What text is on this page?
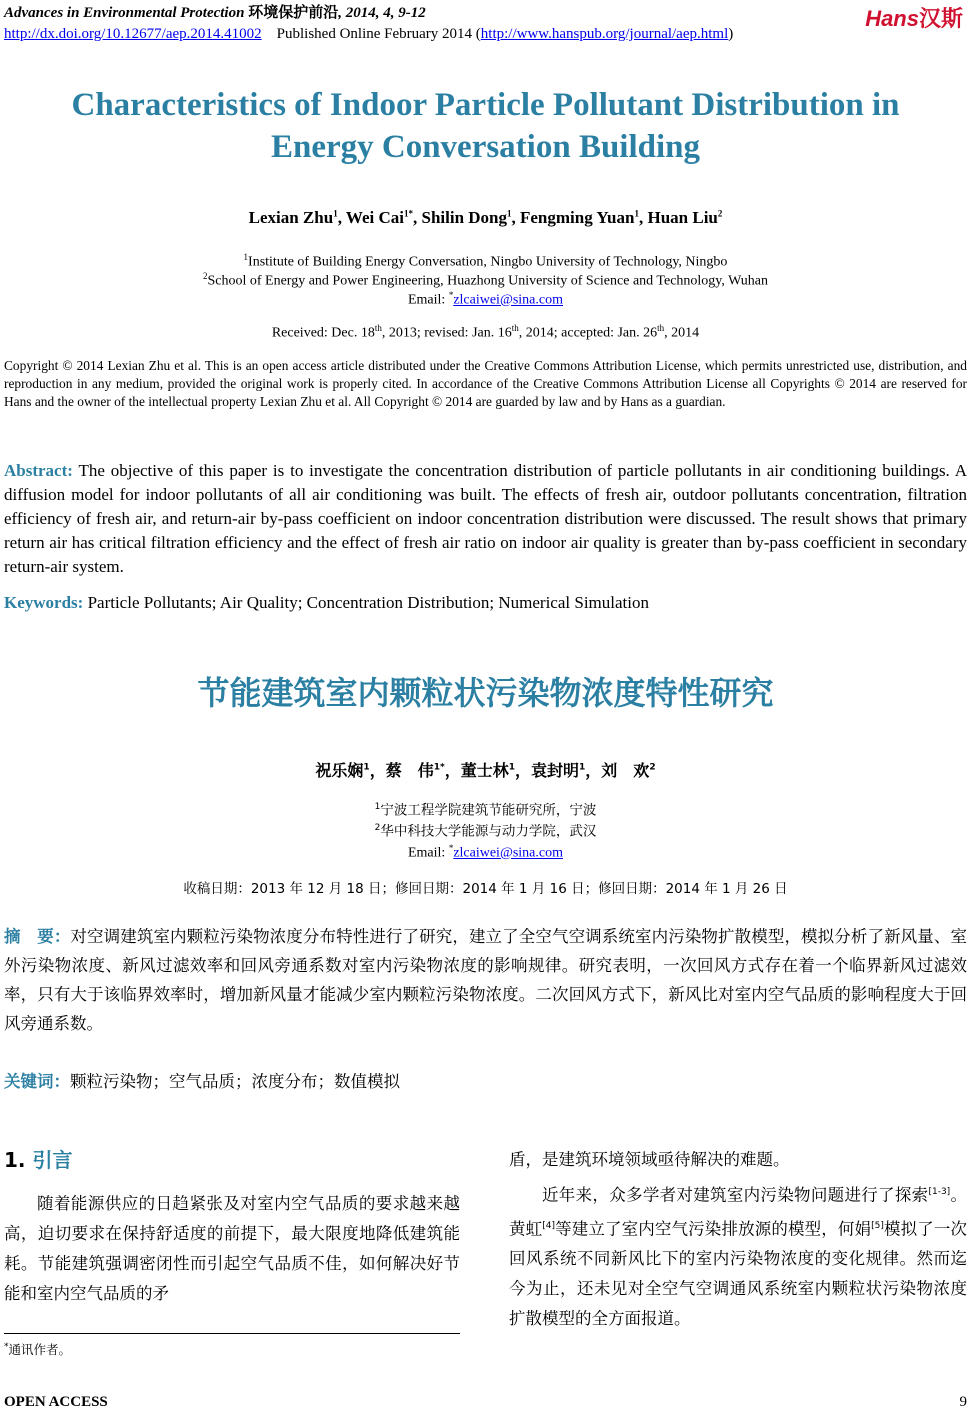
Advances in Environmental Protection 环境保护前沿, 2014, 4, 9-12
http://dx.doi.org/10.12677/aep.2014.41002 Published Online February 2014 (http://www.hanspub.org/journal/aep.html)
Hans汉斯
Characteristics of Indoor Particle Pollutant Distribution in Energy Conversation Building
Lexian Zhu$^1$, Wei Cai$^{1*}$, Shilin Dong$^1$, Fengming Yuan$^1$, Huan Liu$^2$
$^1$Institute of Building Energy Conversation, Ningbo University of Technology, Ningbo
$^2$School of Energy and Power Engineering, Huazhong University of Science and Technology, Wuhan
Email: *zlcaiwei@sina.com
Received: Dec. 18th, 2013; revised: Jan. 16th, 2014; accepted: Jan. 26th, 2014
Copyright © 2014 Lexian Zhu et al. This is an open access article distributed under the Creative Commons Attribution License, which permits unrestricted use, distribution, and reproduction in any medium, provided the original work is properly cited. In accordance of the Creative Commons Attribution License all Copyrights © 2014 are reserved for Hans and the owner of the intellectual property Lexian Zhu et al. All Copyright © 2014 are guarded by law and by Hans as a guardian.
Abstract: The objective of this paper is to investigate the concentration distribution of particle pollutants in air conditioning buildings. A diffusion model for indoor pollutants of all air conditioning was built. The effects of fresh air, outdoor pollutants concentration, filtration efficiency of fresh air, and return-air by-pass coefficient on indoor concentration distribution were discussed. The result shows that primary return air has critical filtration efficiency and the effect of fresh air ratio on indoor air quality is greater than by-pass coefficient in secondary return-air system.
Keywords: Particle Pollutants; Air Quality; Concentration Distribution; Numerical Simulation
节能建筑室内颗粒状污染物浓度特性研究
祝乐娴$^1$，蔡　伟$^{1*}$，董士林$^1$，袁封明$^1$，刘　欢$^2$
$^1$宁波工程学院建筑节能研究所，宁波
$^2$华中科技大学能源与动力学院，武汉
Email: *zlcaiwei@sina.com
收稿日期：2013 年 12 月 18 日；修回日期：2014 年 1 月 16 日；修回日期：2014 年 1 月 26 日
摘　要：对空调建筑室内颗粒污染物浓度分布特性进行了研究，建立了全空气空调系统室内污染物扩散模型，模拟分析了新风量、室外污染物浓度、新风过滤效率和回风旁通系数对室内污染物浓度的影响规律。研究表明，一次回风方式存在着一个临界新风过滤效率，只有大于该临界效率时，增加新风量才能减少室内颗粒污染物浓度。二次回风方式下，新风比对室内空气品质的影响程度大于回风旁通系数。
关键词：颗粒污染物；空气品质；浓度分布；数值模拟
1. 引言

随着能源供应的日趋紧张及对室内空气品质的要求越来越高，迫切要求在保持舒适度的前提下，最大限度地降低建筑能耗。节能建筑强调密闭性而引起空气品质不佳，如何解决好节能和室内空气品质的矛

盾，是建筑环境领域亟待解决的难题。

近年来，众多学者对建筑室内污染物问题进行了探索[1-3]。黄虹[4]等建立了室内空气污染排放源的模型，何娟[5]模拟了一次回风系统不同新风比下的室内污染物浓度的变化规律。然而迄今为止，还未见对全空气空调通风系统室内颗粒状污染物浓度扩散模型的全方面报道。

*通讯作者。
OPEN ACCESS	9
